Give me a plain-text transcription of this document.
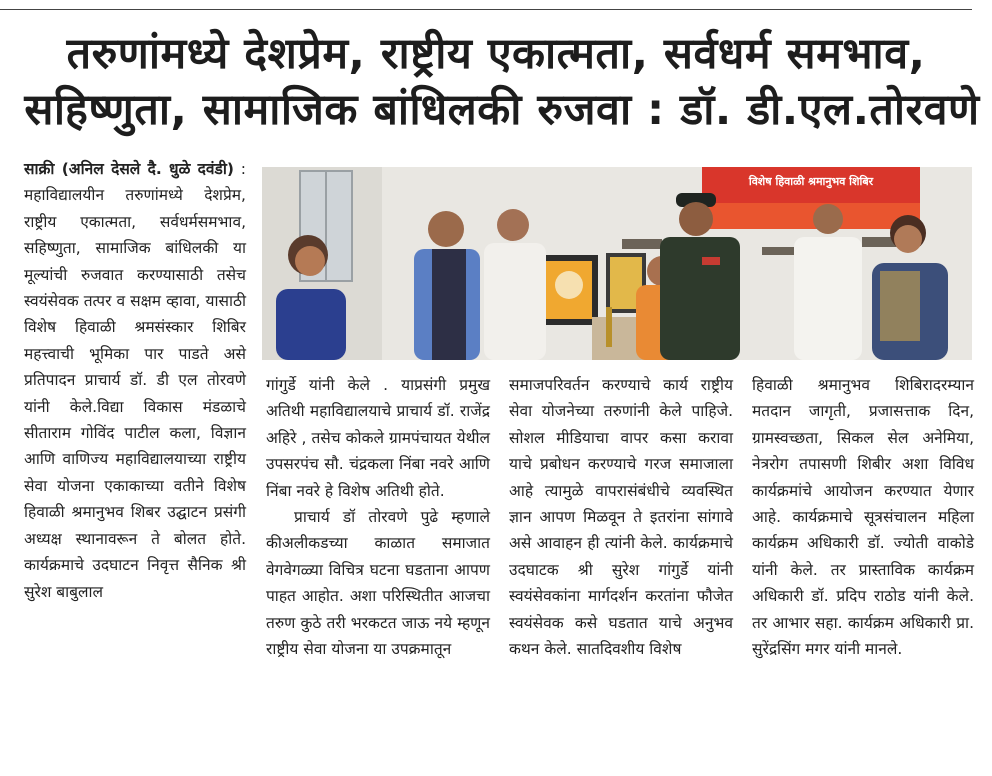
तरुणांमध्ये देशप्रेम, राष्ट्रीय एकात्मता, सर्वधर्म समभाव,
सहिष्णुता, सामाजिक बांधिलकी रुजवा : डॉ. डी.एल.तोरवणे

साक्री (अनिल देसले दै. धुळे दवंडी) : महाविद्यालयीन तरुणांमध्ये देशप्रेम, राष्ट्रीय एकात्मता, सर्वधर्मसमभाव, सहिष्णुता, सामाजिक बांधिलकी या मूल्यांची रुजवात करण्यासाठी तसेच स्वयंसेवक तत्पर व सक्षम व्हावा, यासाठी विशेष हिवाळी श्रमसंस्कार शिबिर महत्त्वाची भूमिका पार पाडते असे प्रतिपादन प्राचार्य डॉ. डी एल तोरवणे यांनी केले.विद्या विकास मंडळाचे सीताराम गोविंद पाटील कला, विज्ञान आणि वाणिज्य महाविद्यालयाच्या राष्ट्रीय सेवा योजना एकाकाच्या वतीने विशेष हिवाळी श्रमानुभव शिबर उद्घाटन प्रसंगी अध्यक्ष स्थानावरून ते बोलत होते. कार्यक्रमाचे उदघाटन निवृत्त सैनिक श्री सुरेश बाबुलाल

विशेष हिवाळी श्रमानुभव शिबिर

गांगुर्डे यांनी केले . याप्रसंगी प्रमुख अतिथी महाविद्यालयाचे प्राचार्य डॉ. राजेंद्र अहिरे , तसेच कोकले ग्रामपंचायत येथील उपसरपंच सौ. चंद्रकला निंबा नवरे आणि निंबा नवरे हे विशेष अतिथी होते.

प्राचार्य डॉ तोरवणे पुढे म्हणाले कीअलीकडच्या काळात समाजात वेगवेगळ्या विचित्र घटना घडताना आपण पाहत आहोत. अशा परिस्थितीत आजचा तरुण कुठे तरी भरकटत जाऊ नये म्हणून राष्ट्रीय सेवा योजना या उपक्रमातून

समाजपरिवर्तन करण्याचे कार्य राष्ट्रीय सेवा योजनेच्या तरुणांनी केले पाहिजे. सोशल मीडियाचा वापर कसा करावा याचे प्रबोधन करण्याचे गरज समाजाला आहे त्यामुळे वापरासंबंधीचे व्यवस्थित ज्ञान आपण मिळवून ते इतरांना सांगावे असे आवाहन ही त्यांनी केले. कार्यक्रमाचे उदघाटक श्री सुरेश गांगुर्डे यांनी स्वयंसेवकांना मार्गदर्शन करतांना फौजेत स्वयंसेवक कसे घडतात याचे अनुभव कथन केले. सातदिवशीय विशेष

हिवाळी श्रमानुभव शिबिरादरम्यान मतदान जागृती, प्रजासत्ताक दिन, ग्रामस्वच्छता, सिकल सेल अनेमिया, नेत्ररोग तपासणी शिबीर अशा विविध कार्यक्रमांचे आयोजन करण्यात येणार आहे. कार्यक्रमाचे सूत्रसंचालन महिला कार्यक्रम अधिकारी डॉ. ज्योती वाकोडे यांनी केले. तर प्रास्ताविक कार्यक्रम अधिकारी डॉ. प्रदिप राठोड यांनी केले. तर आभार सहा. कार्यक्रम अधिकारी प्रा. सुरेंद्रसिंग मगर यांनी मानले.
